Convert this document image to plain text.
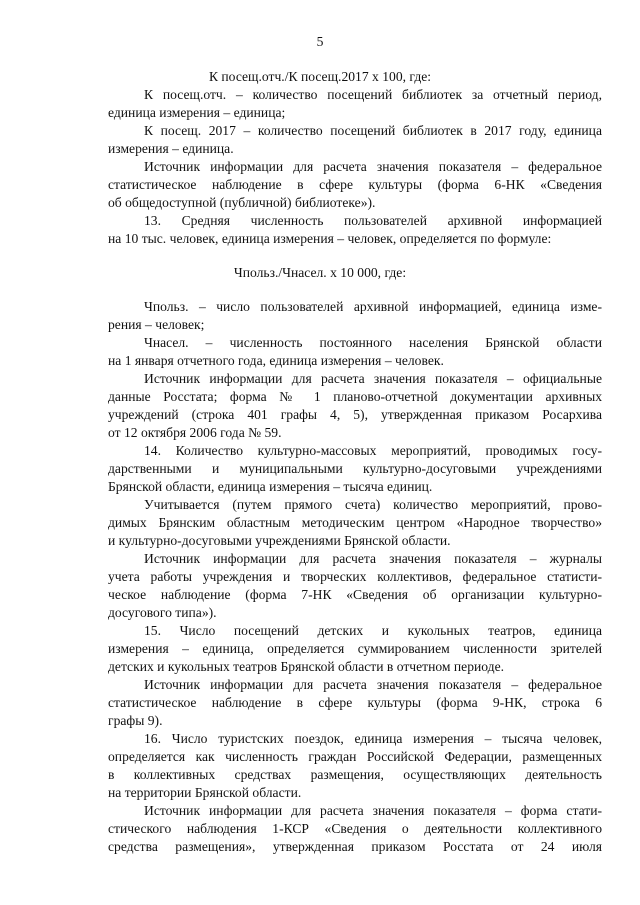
5
К посещ.отч./К посещ.2017 х 100, где:
К посещ.отч. – количество посещений библиотек за отчетный период,
единица измерения – единица;
К посещ. 2017 – количество посещений библиотек в 2017 году, единица
измерения – единица.
Источник информации для расчета значения показателя – федеральное
статистическое наблюдение в сфере культуры (форма 6-НК «Сведения
об общедоступной (публичной) библиотеке»).
13. Средняя численность пользователей архивной информацией
на 10 тыс. человек, единица измерения – человек, определяется по формуле:
Чпольз./Чнасел. х 10 000, где:
Чпольз. – число пользователей архивной информацией, единица изме-
рения – человек;
Чнасел. – численность постоянного населения Брянской области
на 1 января отчетного года, единица измерения – человек.
Источник информации для расчета значения показателя – официальные
данные Росстата; форма № 1 планово-отчетной документации архивных
учреждений (строка 401 графы 4, 5), утвержденная приказом Росархива
от 12 октября 2006 года № 59.
14. Количество культурно-массовых мероприятий, проводимых госу-
дарственными и муниципальными культурно-досуговыми учреждениями
Брянской области, единица измерения – тысяча единиц.
Учитывается (путем прямого счета) количество мероприятий, прово-
димых Брянским областным методическим центром «Народное творчество»
и культурно-досуговыми учреждениями Брянской области.
Источник информации для расчета значения показателя – журналы
учета работы учреждения и творческих коллективов, федеральное статисти-
ческое наблюдение (форма 7-НК «Сведения об организации культурно-
досугового типа»).
15. Число посещений детских и кукольных театров, единица
измерения – единица, определяется суммированием численности зрителей
детских и кукольных театров Брянской области в отчетном периоде.
Источник информации для расчета значения показателя – федеральное
статистическое наблюдение в сфере культуры (форма 9-НК, строка 6
графы 9).
16. Число туристских поездок, единица измерения – тысяча человек,
определяется как численность граждан Российской Федерации, размещенных
в коллективных средствах размещения, осуществляющих деятельность
на территории Брянской области.
Источник информации для расчета значения показателя – форма стати-
стического наблюдения 1-КСР «Сведения о деятельности коллективного
средства размещения», утвержденная приказом Росстата от 24 июля
